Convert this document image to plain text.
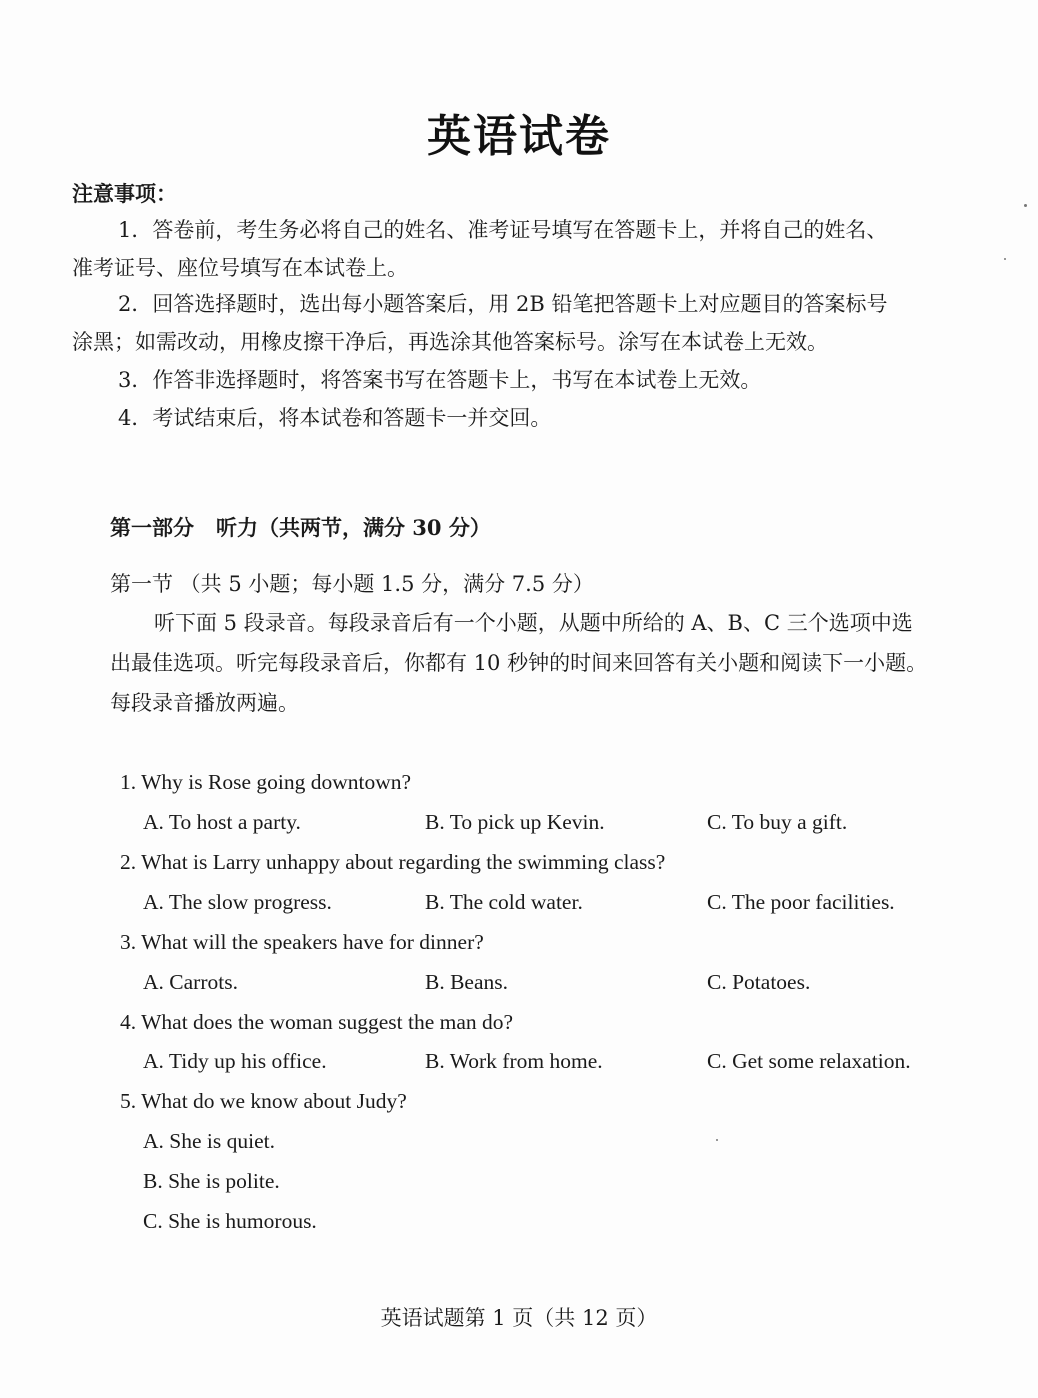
英语试卷
注意事项：
1．答卷前，考生务必将自己的姓名、准考证号填写在答题卡上，并将自己的姓名、
准考证号、座位号填写在本试卷上。
2．回答选择题时，选出每小题答案后，用 2B 铅笔把答题卡上对应题目的答案标号
涂黑；如需改动，用橡皮擦干净后，再选涂其他答案标号。涂写在本试卷上无效。
3．作答非选择题时，将答案书写在答题卡上，书写在本试卷上无效。
4．考试结束后，将本试卷和答题卡一并交回。
第一部分 听力（共两节，满分 30 分）
第一节 （共 5 小题；每小题 1.5 分，满分 7.5 分）
听下面 5 段录音。每段录音后有一个小题，从题中所给的 A、B、C 三个选项中选
出最佳选项。听完每段录音后，你都有 10 秒钟的时间来回答有关小题和阅读下一小题。
每段录音播放两遍。
1. Why is Rose going downtown?
A. To host a party.	B. To pick up Kevin.	C. To buy a gift.
2. What is Larry unhappy about regarding the swimming class?
A. The slow progress.	B. The cold water.	C. The poor facilities.
3. What will the speakers have for dinner?
A. Carrots.	B. Beans.	C. Potatoes.
4. What does the woman suggest the man do?
A. Tidy up his office.	B. Work from home.	C. Get some relaxation.
5. What do we know about Judy?
A. She is quiet.
B. She is polite.
C. She is humorous.
英语试题第 1 页（共 12 页）
